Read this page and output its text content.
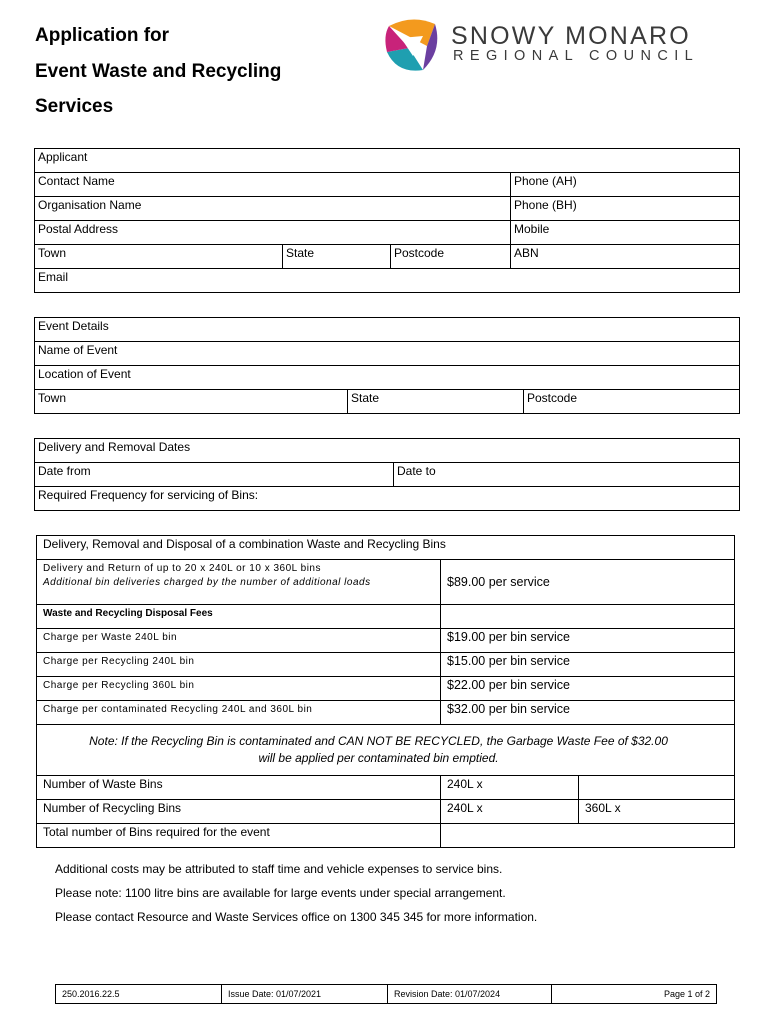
Application for
Event Waste and Recycling
Services
SNOWY MONARO
REGIONAL COUNCIL
Applicant			
Contact Name			Phone (AH)
Organisation Name			Phone (BH)
Postal Address			Mobile
Town	State	Postcode	ABN
Email			
Event Details
Name of Event
Location of Event
Town	State	Postcode
Delivery and Removal Dates
Date from	Date to
Required Frequency for servicing of Bins:
Delivery, Removal and Disposal of a combination Waste and Recycling Bins		

Delivery and Return of up to 20 x 240L or 10 x 360L bins
Additional bin deliveries charged by the number of additional loads	$89.00 per service	
Waste and Recycling Disposal Fees		
Charge per Waste 240L bin	$19.00 per bin service	
Charge per Recycling 240L bin	$15.00 per bin service	
Charge per Recycling 360L bin	$22.00 per bin service	
Charge per contaminated Recycling 240L and 360L bin	$32.00 per bin service	

Note: If the Recycling Bin is contaminated and CAN NOT BE RECYCLED, the Garbage Waste Fee of $32.00
will be applied per contaminated bin emptied.		

Number of Waste Bins	240L x	
Number of Recycling Bins	240L x	360L x
Total number of Bins required for the event		
Additional costs may be attributed to staff time and vehicle expenses to service bins.
Please note: 1100 litre bins are available for large events under special arrangement.
Please contact Resource and Waste Services office on 1300 345 345 for more information.
250.2016.22.5	Issue Date: 01/07/2021	Revision Date: 01/07/2024	Page 1 of 2
